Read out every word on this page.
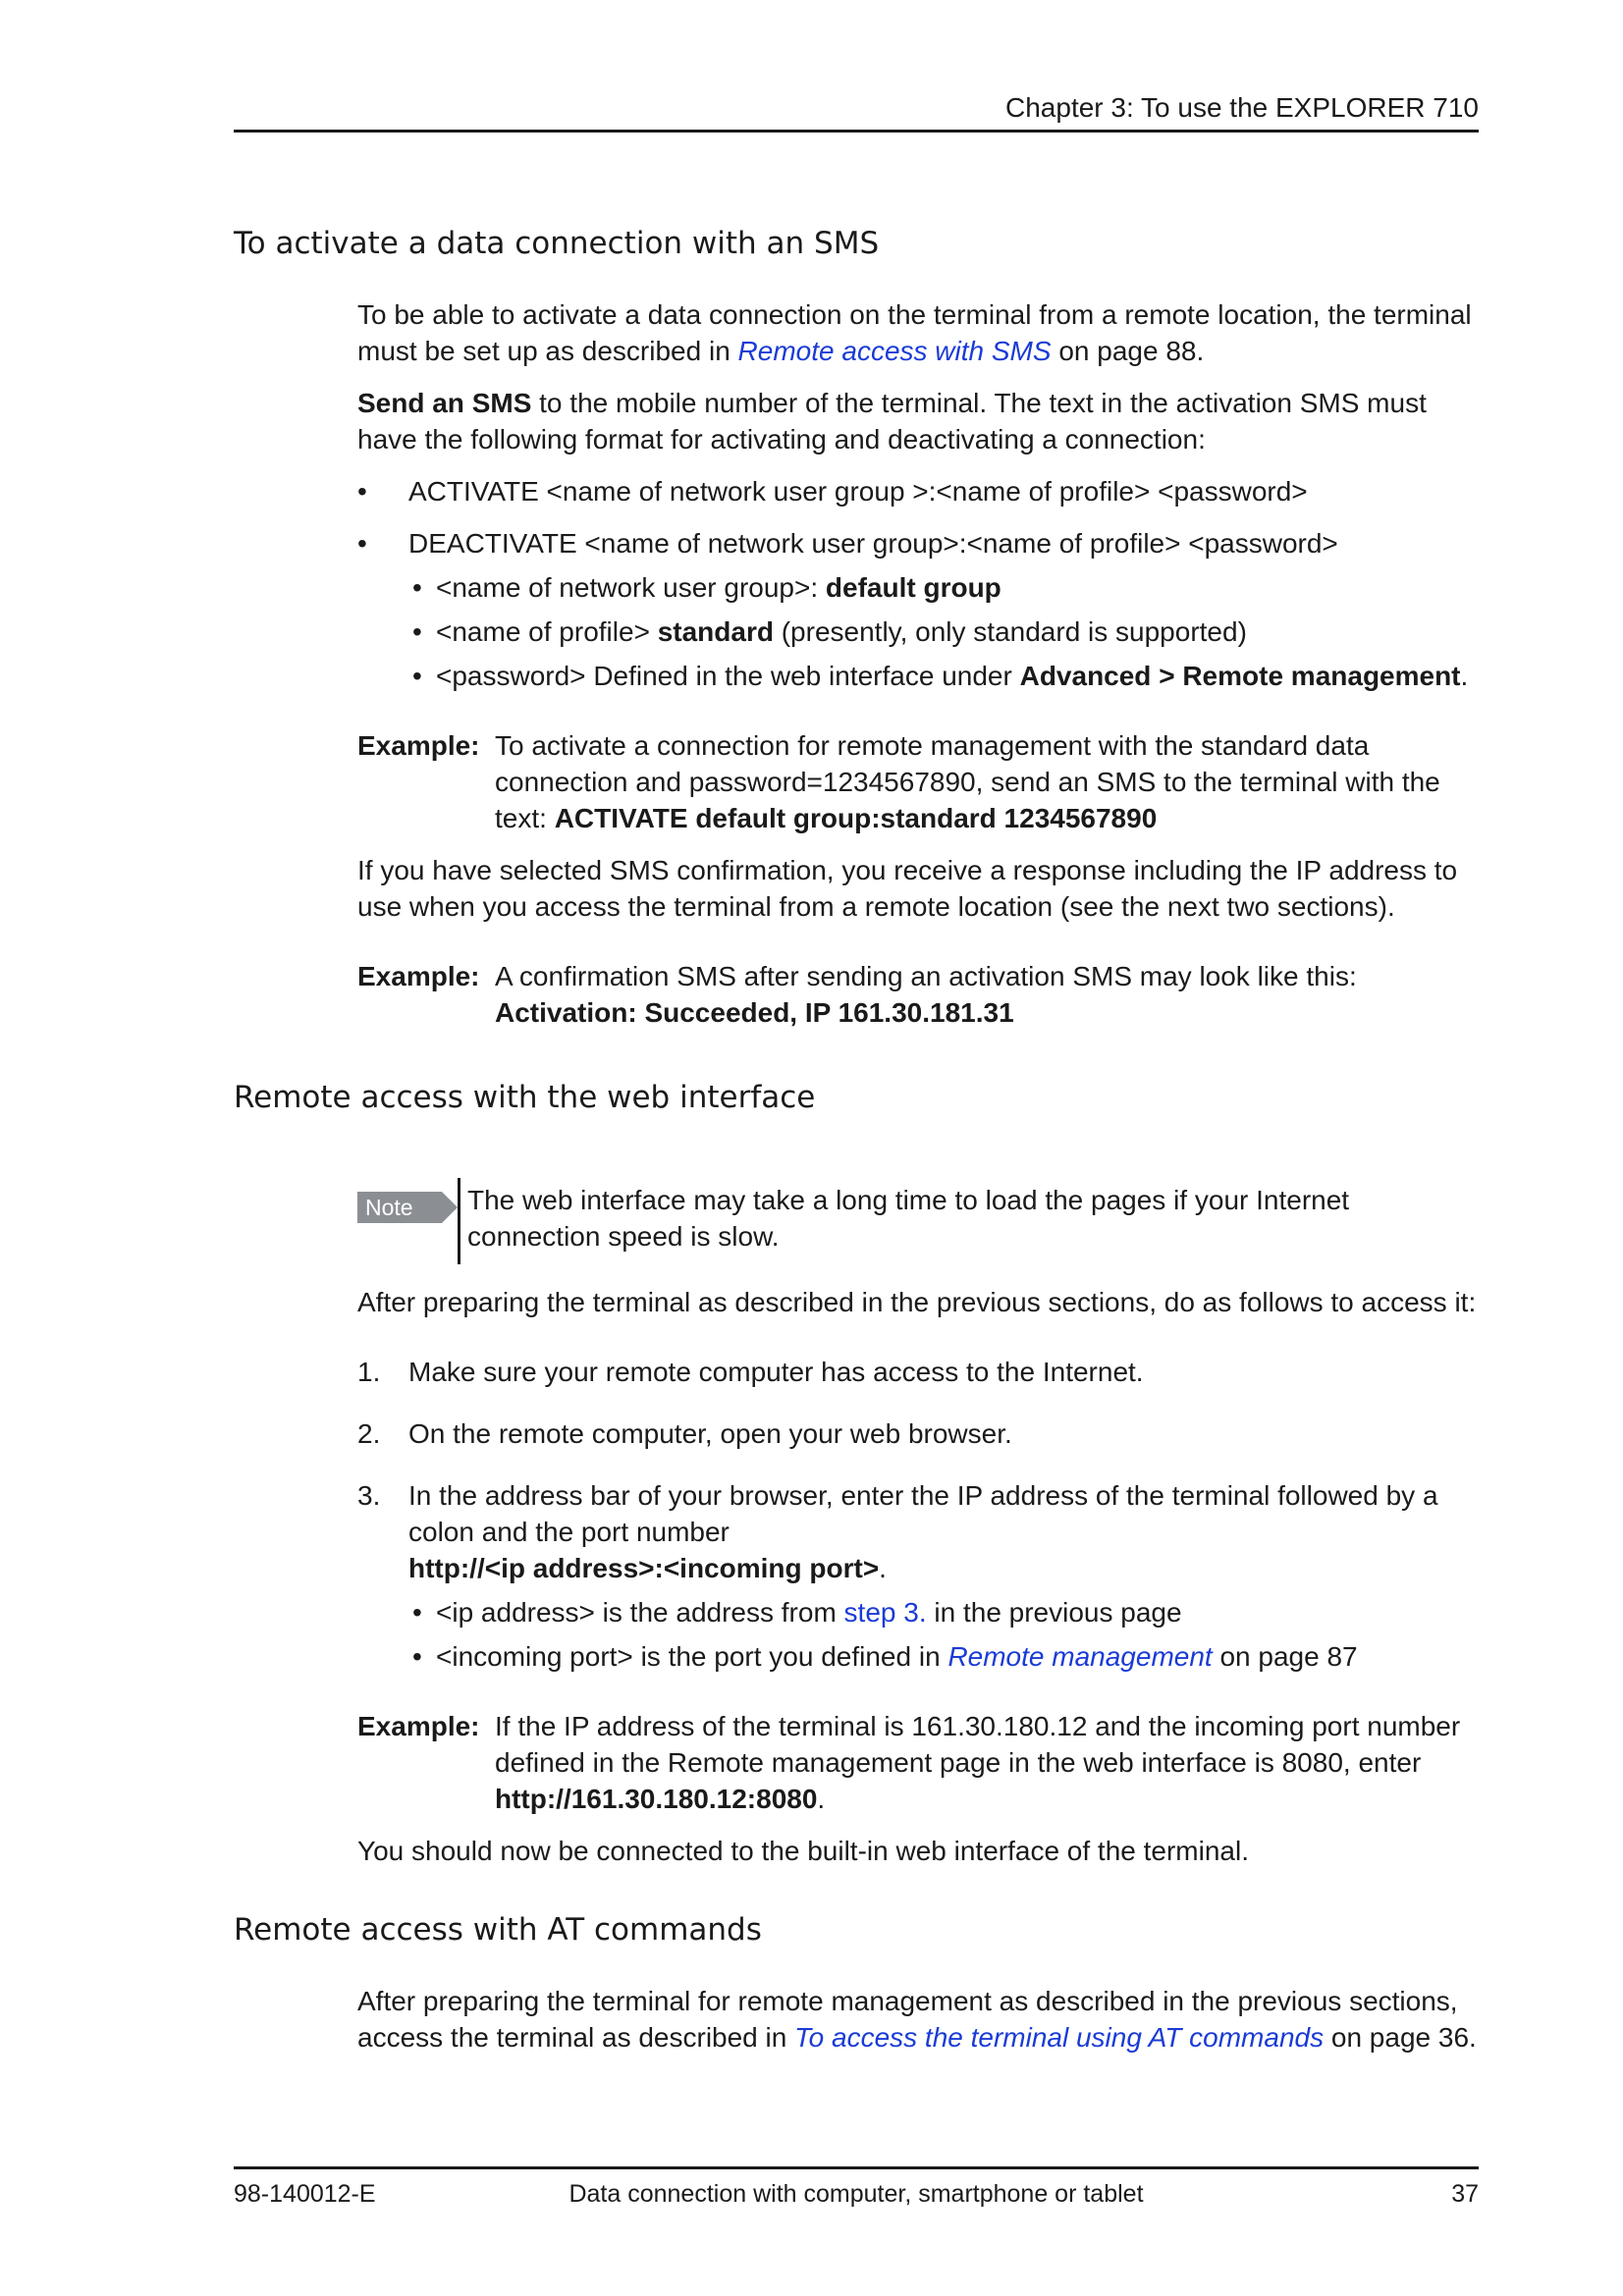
Chapter 3: To use the EXPLORER 710
To activate a data connection with an SMS

To be able to activate a data connection on the terminal from a remote location, the terminal must be set up as described in Remote access with SMS on page 88.

Send an SMS to the mobile number of the terminal. The text in the activation SMS must have the following format for activating and deactivating a connection:

• ACTIVATE <name of network user group >:<name of profile> <password>
• DEACTIVATE <name of network user group>:<name of profile> <password>
• <name of network user group>: default group
• <name of profile> standard (presently, only standard is supported)
• <password> Defined in the web interface under Advanced > Remote management.
Example: To activate a connection for remote management with the standard data connection and password=1234567890, send an SMS to the terminal with the text: ACTIVATE default group:standard 1234567890

If you have selected SMS confirmation, you receive a response including the IP address to use when you access the terminal from a remote location (see the next two sections).

Example: A confirmation SMS after sending an activation SMS may look like this:
Activation: Succeeded, IP 161.30.181.31
Remote access with the web interface
Note	The web interface may take a long time to load the pages if your Internet connection speed is slow.

After preparing the terminal as described in the previous sections, do as follows to access it:

1. Make sure your remote computer has access to the Internet.
2. On the remote computer, open your web browser.
3. In the address bar of your browser, enter the IP address of the terminal followed by a colon and the port number
http://<ip address>:<incoming port>.
• <ip address> is the address from step 3. in the previous page
• <incoming port> is the port you defined in Remote management on page 87
Example: If the IP address of the terminal is 161.30.180.12 and the incoming port number defined in the Remote management page in the web interface is 8080, enter http://161.30.180.12:8080.

You should now be connected to the built-in web interface of the terminal.

Remote access with AT commands

After preparing the terminal for remote management as described in the previous sections, access the terminal as described in To access the terminal using AT commands on page 36.

Data connection with computer, smartphone or tablet
98-140012-E	37
